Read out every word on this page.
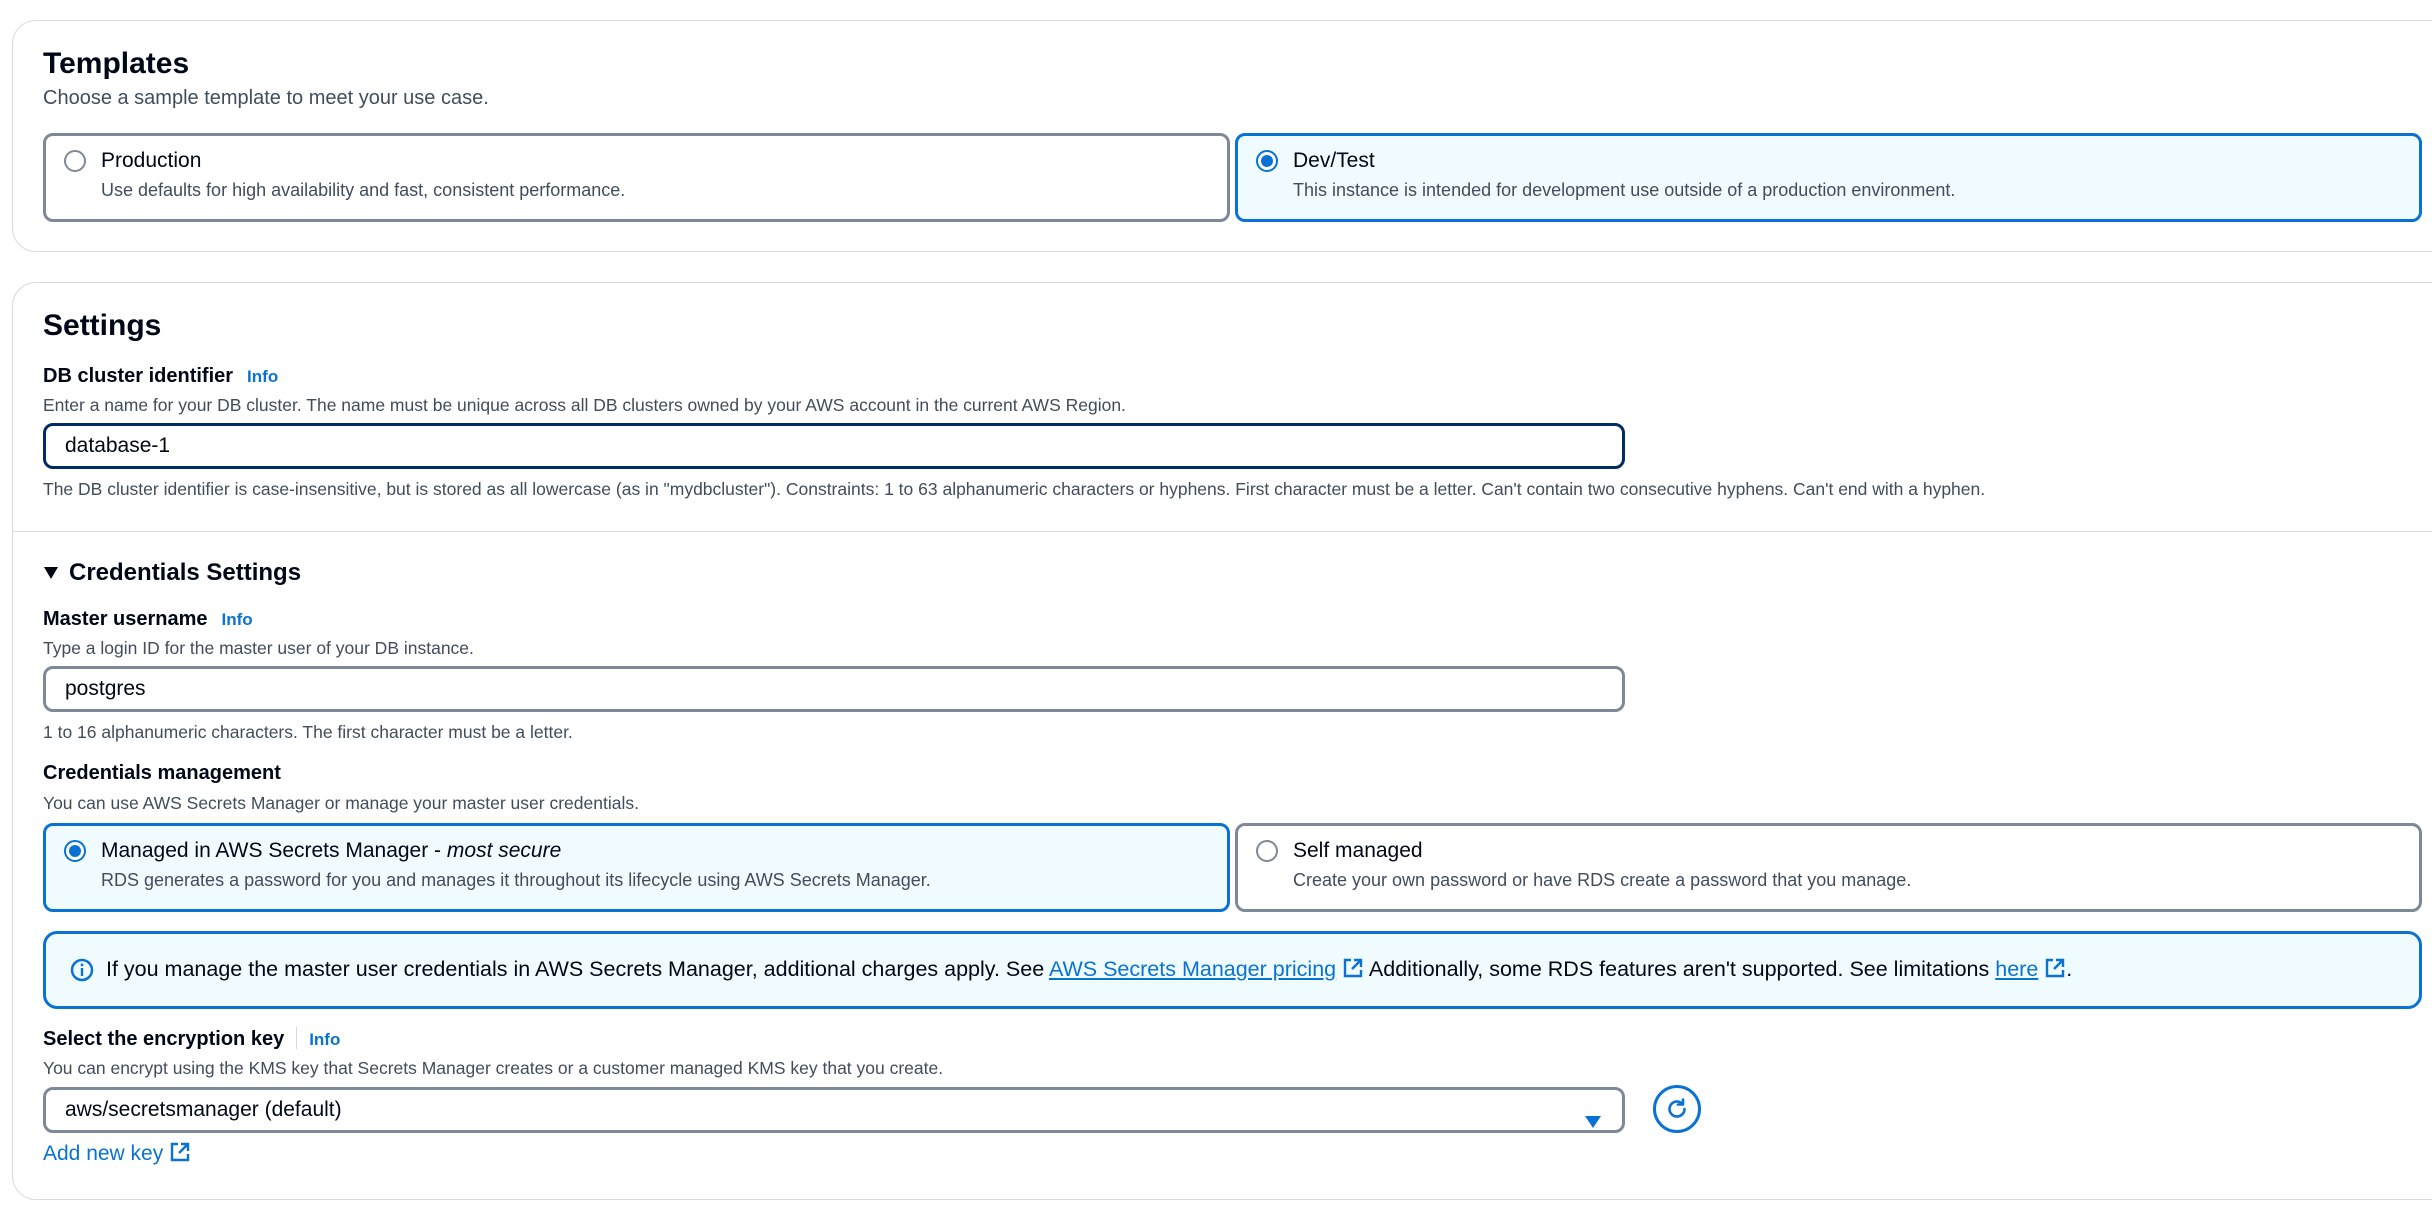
Templates
Choose a sample template to meet your use case.
Production
Use defaults for high availability and fast, consistent performance.
Dev/Test
This instance is intended for development use outside of a production environment.
Settings
DB cluster identifier Info
Enter a name for your DB cluster. The name must be unique across all DB clusters owned by your AWS account in the current AWS Region.
database-1
The DB cluster identifier is case-insensitive, but is stored as all lowercase (as in "mydbcluster"). Constraints: 1 to 63 alphanumeric characters or hyphens. First character must be a letter. Can't contain two consecutive hyphens. Can't end with a hyphen.
Credentials Settings
Master username Info
Type a login ID for the master user of your DB instance.
postgres
1 to 16 alphanumeric characters. The first character must be a letter.
Credentials management
You can use AWS Secrets Manager or manage your master user credentials.
Managed in AWS Secrets Manager - most secure
RDS generates a password for you and manages it throughout its lifecycle using AWS Secrets Manager.
Self managed
Create your own password or have RDS create a password that you manage.
If you manage the master user credentials in AWS Secrets Manager, additional charges apply. See AWS Secrets Manager pricing Additionally, some RDS features aren't supported. See limitations here .
Select the encryption key Info
You can encrypt using the KMS key that Secrets Manager creates or a customer managed KMS key that you create.
aws/secretsmanager (default)
Add new key
